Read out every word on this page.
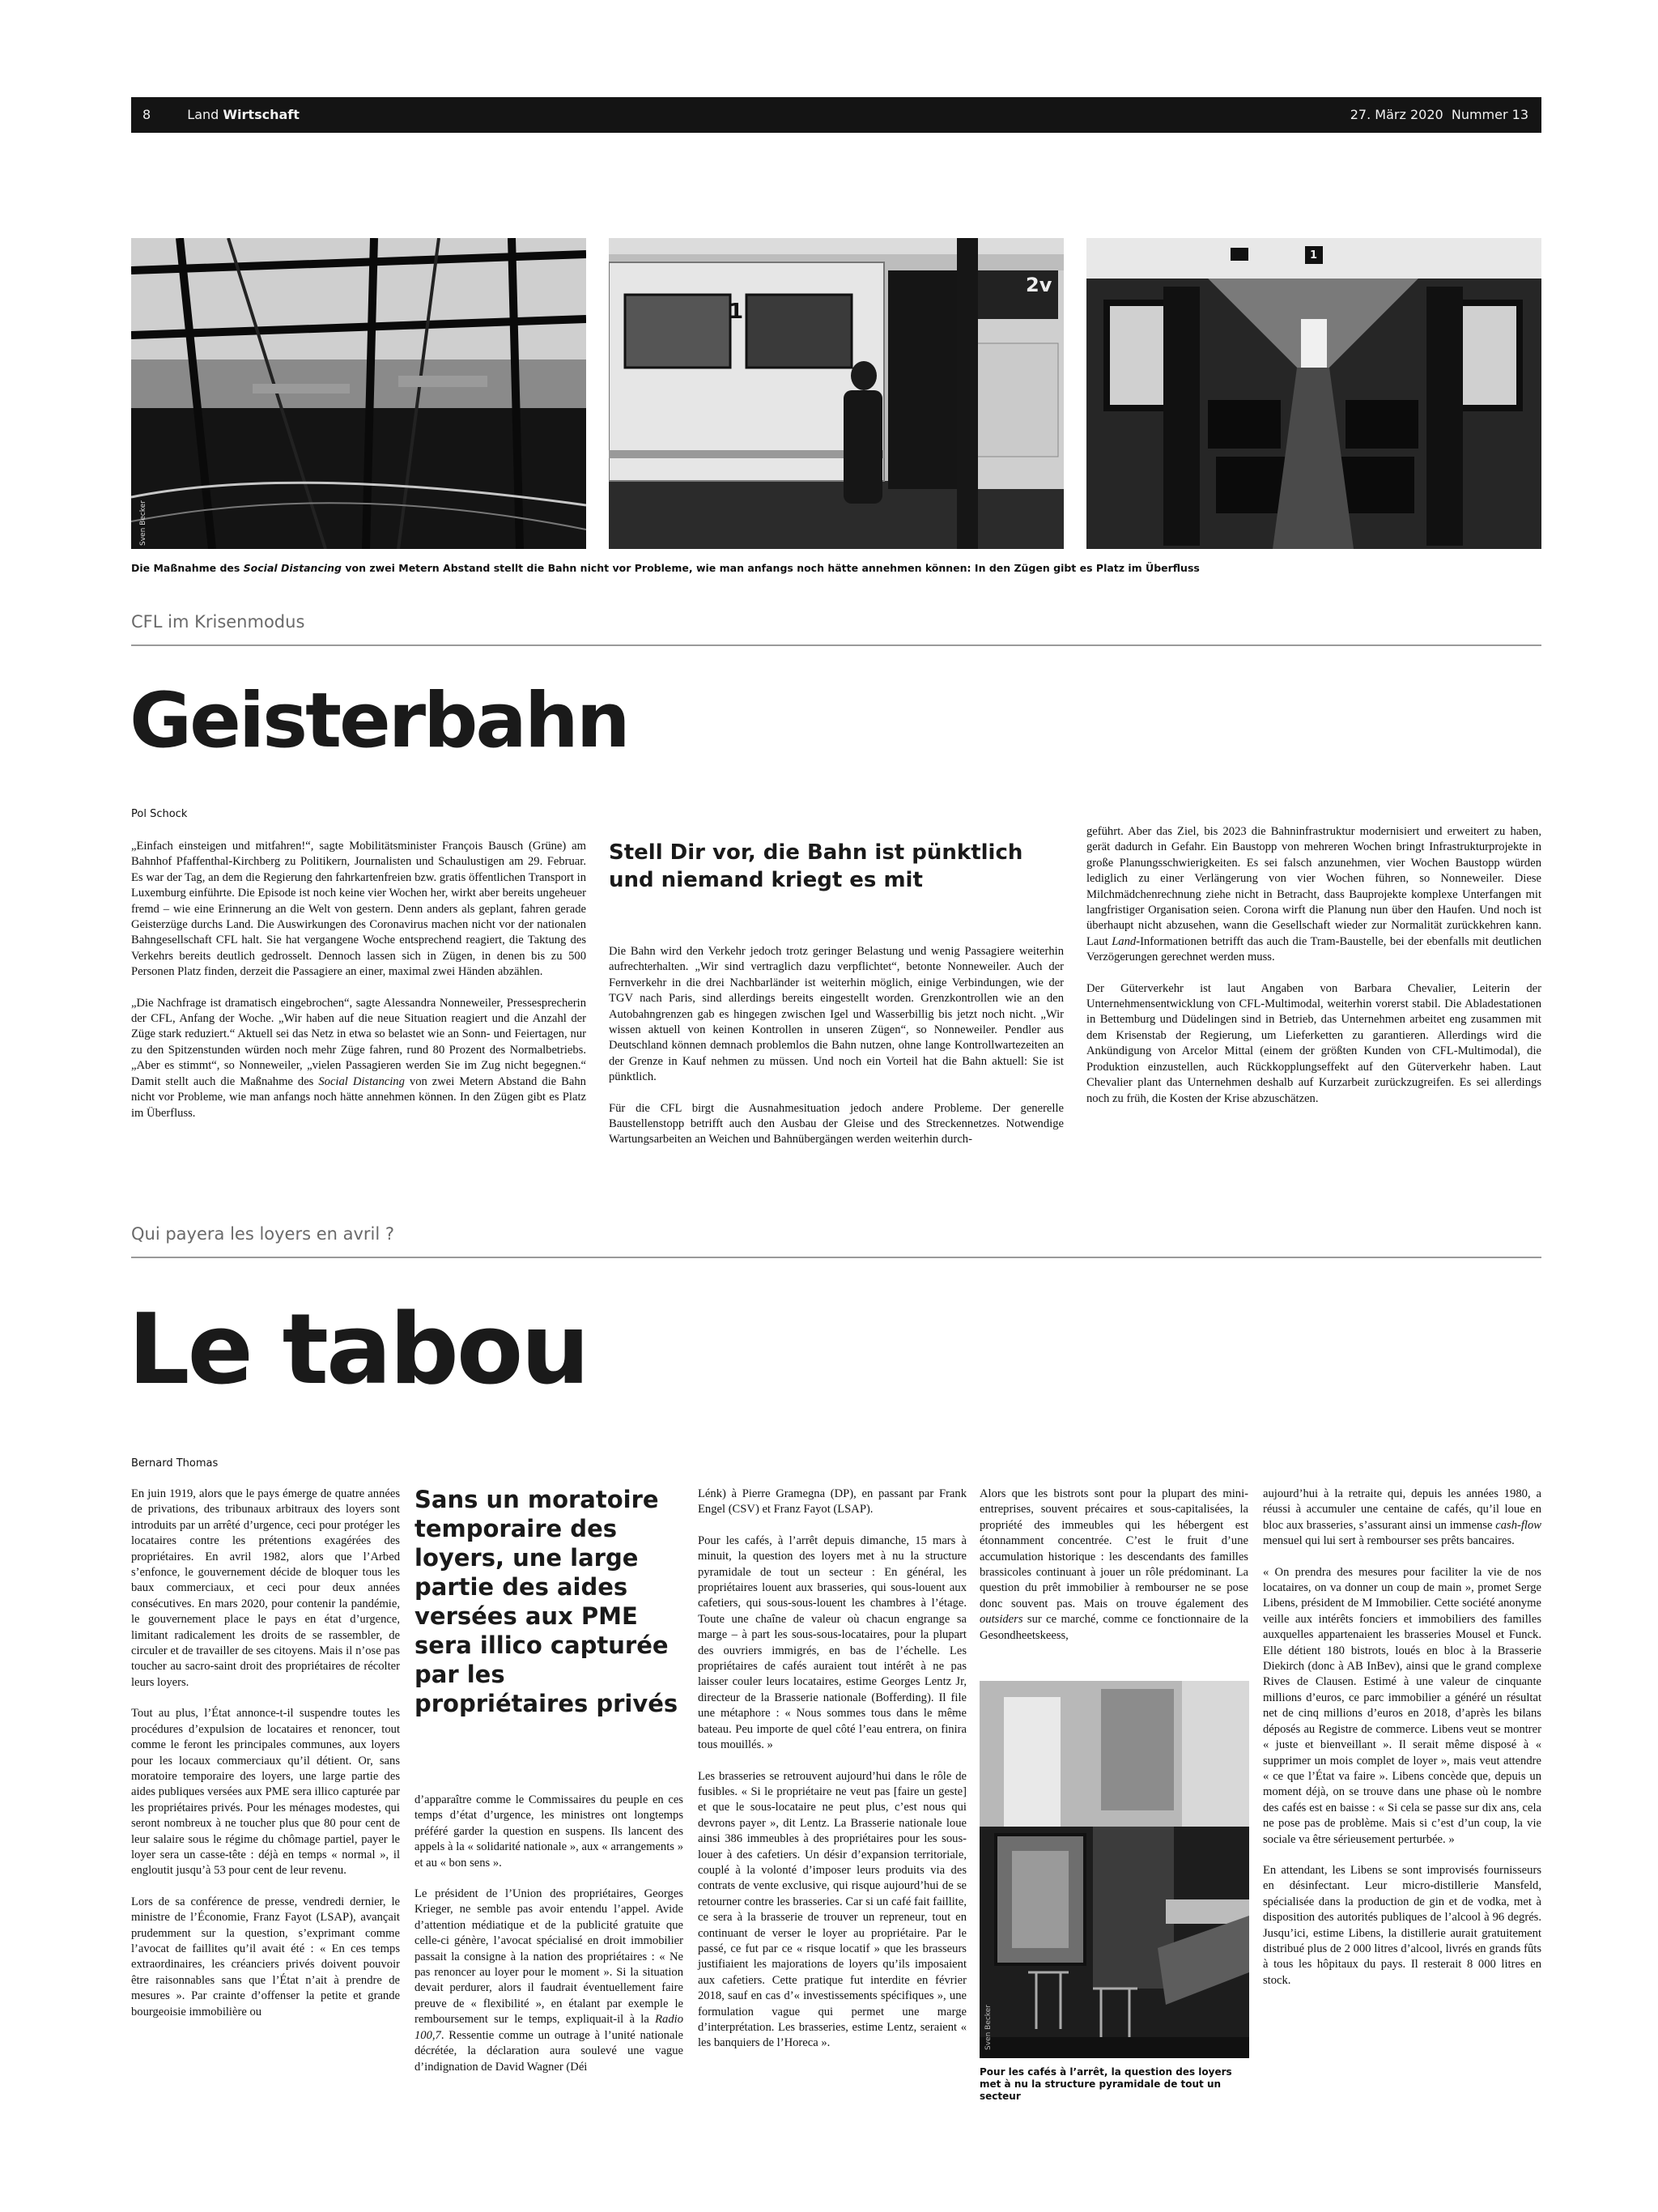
8	Land Wirtschaft	27. März 2020 Nummer 13
Sven Becker
1
2v
1
Die Maßnahme des Social Distancing von zwei Metern Abstand stellt die Bahn nicht vor Probleme, wie man anfangs noch hätte annehmen können: In den Zügen gibt es Platz im Überfluss
CFL im Krisenmodus
Geisterbahn
Pol Schock

„Einfach einsteigen und mitfahren!“, sagte Mobilitätsminister François Bausch (Grüne) am Bahnhof Pfaffenthal-Kirchberg zu Politikern, Journalisten und Schaulustigen am 29. Februar. Es war der Tag, an dem die Regierung den fahrkartenfreien bzw. gratis öffentlichen Transport in Luxemburg einführte. Die Episode ist noch keine vier Wochen her, wirkt aber bereits ungeheuer fremd – wie eine Erinnerung an die Welt von gestern. Denn anders als geplant, fahren gerade Geisterzüge durchs Land. Die Auswirkungen des Coronavirus machen nicht vor der nationalen Bahngesellschaft CFL halt. Sie hat vergangene Woche entsprechend reagiert, die Taktung des Verkehrs bereits deutlich gedrosselt. Dennoch lassen sich in Zügen, in denen bis zu 500 Personen Platz finden, derzeit die Passagiere an einer, maximal zwei Händen abzählen.

„Die Nachfrage ist dramatisch eingebrochen“, sagte Alessandra Nonneweiler, Pressesprecherin der CFL, Anfang der Woche. „Wir haben auf die neue Situation reagiert und die Anzahl der Züge stark reduziert.“ Aktuell sei das Netz in etwa so belastet wie an Sonn- und Feiertagen, nur zu den Spitzenstunden würden noch mehr Züge fahren, rund 80 Prozent des Normalbetriebs. „Aber es stimmt“, so Nonneweiler, „vielen Passagieren werden Sie im Zug nicht begegnen.“ Damit stellt auch die Maßnahme des Social Distancing von zwei Metern Abstand die Bahn nicht vor Probleme, wie man anfangs noch hätte annehmen können. In den Zügen gibt es Platz im Überfluss.

Stell Dir vor, die Bahn ist pünktlich und niemand kriegt es mit

Die Bahn wird den Verkehr jedoch trotz geringer Belastung und wenig Passagiere weiterhin aufrechterhalten. „Wir sind vertraglich dazu verpflichtet“, betonte Nonneweiler. Auch der Fernverkehr in die drei Nachbarländer ist weiterhin möglich, einige Verbindungen, wie der TGV nach Paris, sind allerdings bereits eingestellt worden. Grenzkontrollen wie an den Autobahngrenzen gab es hingegen zwischen Igel und Wasserbillig bis jetzt noch nicht. „Wir wissen aktuell von keinen Kontrollen in unseren Zügen“, so Nonneweiler. Pendler aus Deutschland können demnach problemlos die Bahn nutzen, ohne lange Kontrollwartezeiten an der Grenze in Kauf nehmen zu müssen. Und noch ein Vorteil hat die Bahn aktuell: Sie ist pünktlich.

Für die CFL birgt die Ausnahmesituation jedoch andere Probleme. Der generelle Baustellenstopp betrifft auch den Ausbau der Gleise und des Streckennetzes. Notwendige Wartungsarbeiten an Weichen und Bahnübergängen werden weiterhin durch-

geführt. Aber das Ziel, bis 2023 die Bahninfrastruktur modernisiert und erweitert zu haben, gerät dadurch in Gefahr. Ein Baustopp von mehreren Wochen bringt Infrastrukturprojekte in große Planungsschwierigkeiten. Es sei falsch anzunehmen, vier Wochen Baustopp würden lediglich zu einer Verlängerung von vier Wochen führen, so Nonneweiler. Diese Milchmädchenrechnung ziehe nicht in Betracht, dass Bauprojekte komplexe Unterfangen mit langfristiger Organisation seien. Corona wirft die Planung nun über den Haufen. Und noch ist überhaupt nicht abzusehen, wann die Gesellschaft wieder zur Normalität zurückkehren kann. Laut Land-Informationen betrifft das auch die Tram-Baustelle, bei der ebenfalls mit deutlichen Verzögerungen gerechnet werden muss.

Der Güterverkehr ist laut Angaben von Barbara Chevalier, Leiterin der Unternehmensentwicklung von CFL-Multimodal, weiterhin vorerst stabil. Die Abladestationen in Bettemburg und Düdelingen sind in Betrieb, das Unternehmen arbeitet eng zusammen mit dem Krisenstab der Regierung, um Lieferketten zu garantieren. Allerdings wird die Ankündigung von Arcelor Mittal (einem der größten Kunden von CFL-Multimodal), die Produktion einzustellen, auch Rückkopplungseffekt auf den Güterverkehr haben. Laut Chevalier plant das Unternehmen deshalb auf Kurzarbeit zurückzugreifen. Es sei allerdings noch zu früh, die Kosten der Krise abzuschätzen.

Qui payera les loyers en avril ?
Le tabou
Bernard Thomas

En juin 1919, alors que le pays émerge de quatre années de privations, des tribunaux arbitraux des loyers sont introduits par un arrêté d’urgence, ceci pour protéger les locataires contre les prétentions exagérées des propriétaires. En avril 1982, alors que l’Arbed s’enfonce, le gouvernement décide de bloquer tous les baux commerciaux, et ceci pour deux années consécutives. En mars 2020, pour contenir la pandémie, le gouvernement place le pays en état d’urgence, limitant radicalement les droits de se rassembler, de circuler et de travailler de ses citoyens. Mais il n’ose pas toucher au sacro-saint droit des propriétaires de récolter leurs loyers.

Tout au plus, l’État annonce-t-il suspendre toutes les procédures d’expulsion de locataires et renoncer, tout comme le feront les principales communes, aux loyers pour les locaux commerciaux qu’il détient. Or, sans moratoire temporaire des loyers, une large partie des aides publiques versées aux PME sera illico capturée par les propriétaires privés. Pour les ménages modestes, qui seront nombreux à ne toucher plus que 80 pour cent de leur salaire sous le régime du chômage partiel, payer le loyer sera un casse-tête : déjà en temps « normal », il engloutit jusqu’à 53 pour cent de leur revenu.

Lors de sa conférence de presse, vendredi dernier, le ministre de l’Économie, Franz Fayot (LSAP), avançait prudemment sur la question, s’exprimant comme l’avocat de faillites qu’il avait été : « En ces temps extraordinaires, les créanciers privés doivent pouvoir être raisonnables sans que l’État n’ait à prendre de mesures ». Par crainte d’offenser la petite et grande bourgeoisie immobilière ou

Sans un moratoire temporaire des loyers, une large partie des aides versées aux PME sera illico capturée par les propriétaires privés

d’apparaître comme le Commissaires du peuple en ces temps d’état d’urgence, les ministres ont longtemps préféré garder la question en suspens. Ils lancent des appels à la « solidarité nationale », aux « arrangements » et au « bon sens ».

Le président de l’Union des propriétaires, Georges Krieger, ne semble pas avoir entendu l’appel. Avide d’attention médiatique et de la publicité gratuite que celle-ci génère, l’avocat spécialisé en droit immobilier passait la consigne à la nation des propriétaires : « Ne pas renoncer au loyer pour le moment ». Si la situation devait perdurer, alors il faudrait éventuellement faire preuve de « flexibilité », en étalant par exemple le remboursement sur le temps, expliquait-il à la Radio 100,7. Ressentie comme un outrage à l’unité nationale décrétée, la déclaration aura soulevé une vague d’indignation de David Wagner (Déi

Lénk) à Pierre Gramegna (DP), en passant par Frank Engel (CSV) et Franz Fayot (LSAP).

Pour les cafés, à l’arrêt depuis dimanche, 15 mars à minuit, la question des loyers met à nu la structure pyramidale de tout un secteur : En général, les propriétaires louent aux brasseries, qui sous-louent aux cafetiers, qui sous-sous-louent les chambres à l’étage. Toute une chaîne de valeur où chacun engrange sa marge – à part les sous-sous-locataires, pour la plupart des ouvriers immigrés, en bas de l’échelle. Les propriétaires de cafés auraient tout intérêt à ne pas laisser couler leurs locataires, estime Georges Lentz Jr, directeur de la Brasserie nationale (Bofferding). Il file une métaphore : « Nous sommes tous dans le même bateau. Peu importe de quel côté l’eau entrera, on finira tous mouillés. »

Les brasseries se retrouvent aujourd’hui dans le rôle de fusibles. « Si le propriétaire ne veut pas [faire un geste] et que le sous-locataire ne peut plus, c’est nous qui devrons payer », dit Lentz. La Brasserie nationale loue ainsi 386 immeubles à des propriétaires pour les sous-louer à des cafetiers. Un désir d’expansion territoriale, couplé à la volonté d’imposer leurs produits via des contrats de vente exclusive, qui risque aujourd’hui de se retourner contre les brasseries. Car si un café fait faillite, ce sera à la brasserie de trouver un repreneur, tout en continuant de verser le loyer au propriétaire. Par le passé, ce fut par ce « risque locatif » que les brasseurs justifiaient les majorations de loyers qu’ils imposaient aux cafetiers. Cette pratique fut interdite en février 2018, sauf en cas d’« investissements spécifiques », une formulation vague qui permet une marge d’interprétation. Les brasseries, estime Lentz, seraient « les banquiers de l’Horeca ».

Alors que les bistrots sont pour la plupart des mini-entreprises, souvent précaires et sous-capitalisées, la propriété des immeubles qui les hébergent est étonnamment concentrée. C’est le fruit d’une accumulation historique : les descendants des familles brassicoles continuant à jouer un rôle prédominant. La question du prêt immobilier à rembourser ne se pose donc souvent pas. Mais on trouve également des outsiders sur ce marché, comme ce fonctionnaire de la Gesondheetskeess,

Sven Becker
Pour les cafés à l’arrêt, la question des loyers met à nu la structure pyramidale de tout un secteur

aujourd’hui à la retraite qui, depuis les années 1980, a réussi à accumuler une centaine de cafés, qu’il loue en bloc aux brasseries, s’assurant ainsi un immense cash-flow mensuel qui lui sert à rembourser ses prêts bancaires.

« On prendra des mesures pour faciliter la vie de nos locataires, on va donner un coup de main », promet Serge Libens, président de M Immobilier. Cette société anonyme veille aux intérêts fonciers et immobiliers des familles auxquelles appartenaient les brasseries Mousel et Funck. Elle détient 180 bistrots, loués en bloc à la Brasserie Diekirch (donc à AB InBev), ainsi que le grand complexe Rives de Clausen. Estimé à une valeur de cinquante millions d’euros, ce parc immobilier a généré un résultat net de cinq millions d’euros en 2018, d’après les bilans déposés au Registre de commerce. Libens veut se montrer « juste et bienveillant ». Il serait même disposé à « supprimer un mois complet de loyer », mais veut attendre « ce que l’État va faire ». Libens concède que, depuis un moment déjà, on se trouve dans une phase où le nombre des cafés est en baisse : « Si cela se passe sur dix ans, cela ne pose pas de problème. Mais si c’est d’un coup, la vie sociale va être sérieusement perturbée. »

En attendant, les Libens se sont improvisés fournisseurs en désinfectant. Leur micro-distillerie Mansfeld, spécialisée dans la production de gin et de vodka, met à disposition des autorités publiques de l’alcool à 96 degrés. Jusqu’ici, estime Libens, la distillerie aurait gratuitement distribué plus de 2 000 litres d’alcool, livrés en grands fûts à tous les hôpitaux du pays. Il resterait 8 000 litres en stock.
